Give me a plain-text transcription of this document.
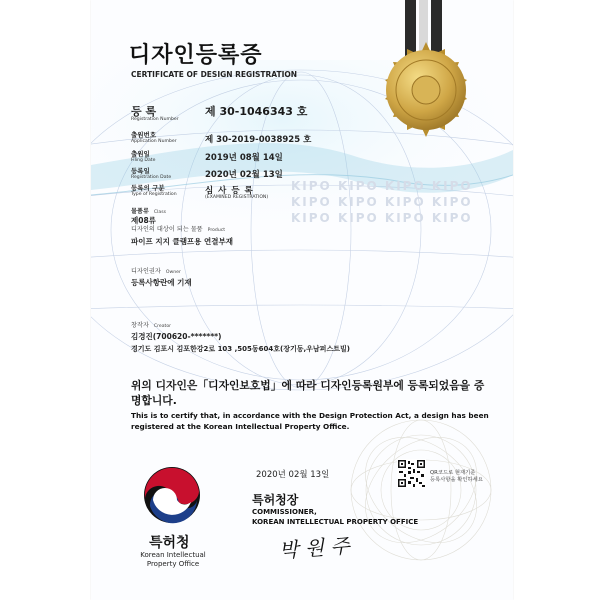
디자인등록증
CERTIFICATE OF DESIGN REGISTRATION
KIPO KIPO KIPO KIPO
KIPO KIPO KIPO KIPO
KIPO KIPO KIPO KIPO
등 록
Registration Number
제 30-1046343 호
출원번호
Application Number	제 30-2019-0038925 호
출원일
Filing Date	2019년 08월 14일
등록일
Registration Date	2020년 02월 13일
등록의 구분
Type of Registration	심 사 등 록
(EXAMINED REGISTRATION)
물품류 Class
제08류
디자인의 대상이 되는 물품 Product
파이프 지지 클램프용 연결부재
디자인권자 Owner
등록사항란에 기재
창작자 Creator
김경진(700620-*******)
경기도 김포시 김포한강2로 103 ,505동604호(장기동,우남퍼스트빌)
위의 디자인은「디자인보호법」에 따라 디자인등록원부에 등록되었음을 증명합니다.
This is to certify that, in accordance with the Design Protection Act, a design has been registered at the Korean Intellectual Property Office.
특허청
Korean Intellectual
Property Office
2020년 02월 13일	QR코드로 현재기준
등록사항을 확인하세요
특허청장
COMMISSIONER,
KOREAN INTELLECTUAL PROPERTY OFFICE
박 원 주
